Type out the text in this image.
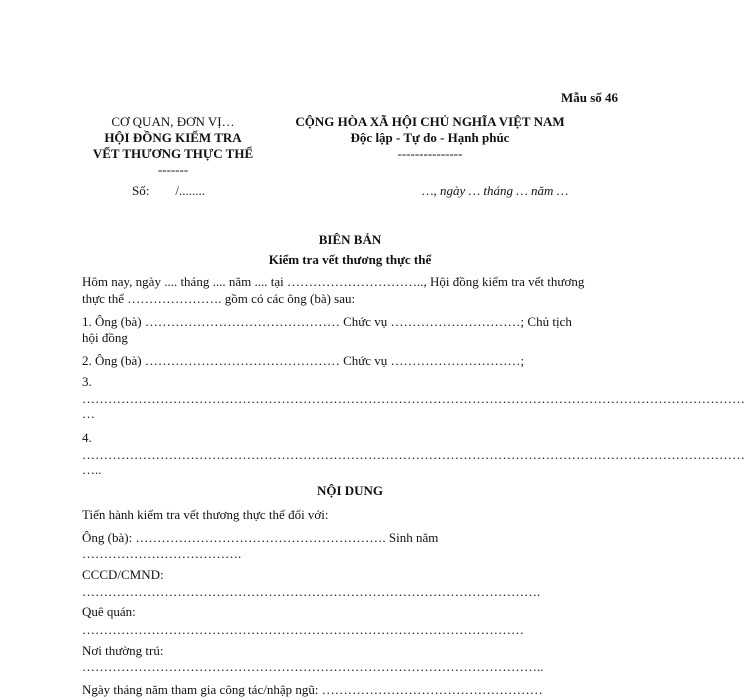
Mẫu số 46
CƠ QUAN, ĐƠN VỊ…
HỘI ĐỒNG KIỂM TRA
VẾT THƯƠNG THỰC THỂ
-------
Số:        /........
CỘNG HÒA XÃ HỘI CHỦ NGHĨA VIỆT NAM
Độc lập - Tự do - Hạnh phúc
---------------
…, ngày … tháng … năm …
BIÊN BẢN
Kiểm tra vết thương thực thể
Hôm nay, ngày .... tháng .... năm .... tại ………………………….., Hội đồng kiểm tra vết thương
thực thể …………………. gồm có các ông (bà) sau:
1. Ông (bà) ……………………………………… Chức vụ …………………………; Chủ tịch
hội đồng
2. Ông (bà) ……………………………………… Chức vụ …………………………;
3.
………………………………………………………………………………………………………………………………………
…
4.
………………………………………………………………………………………………………………………………………
…..
NỘI DUNG
Tiến hành kiểm tra vết thương thực thể đối với:
Ông (bà): …………………………………………………. Sinh năm
……………………………….
CCCD/CMND:
…………………………………………………………………………………………….
Quê quán:
…………………………………………………………………………………………
Nơi thường trú:
……………………………………………………………………………………………..
Ngày tháng năm tham gia công tác/nhập ngũ: ……………………………………………
